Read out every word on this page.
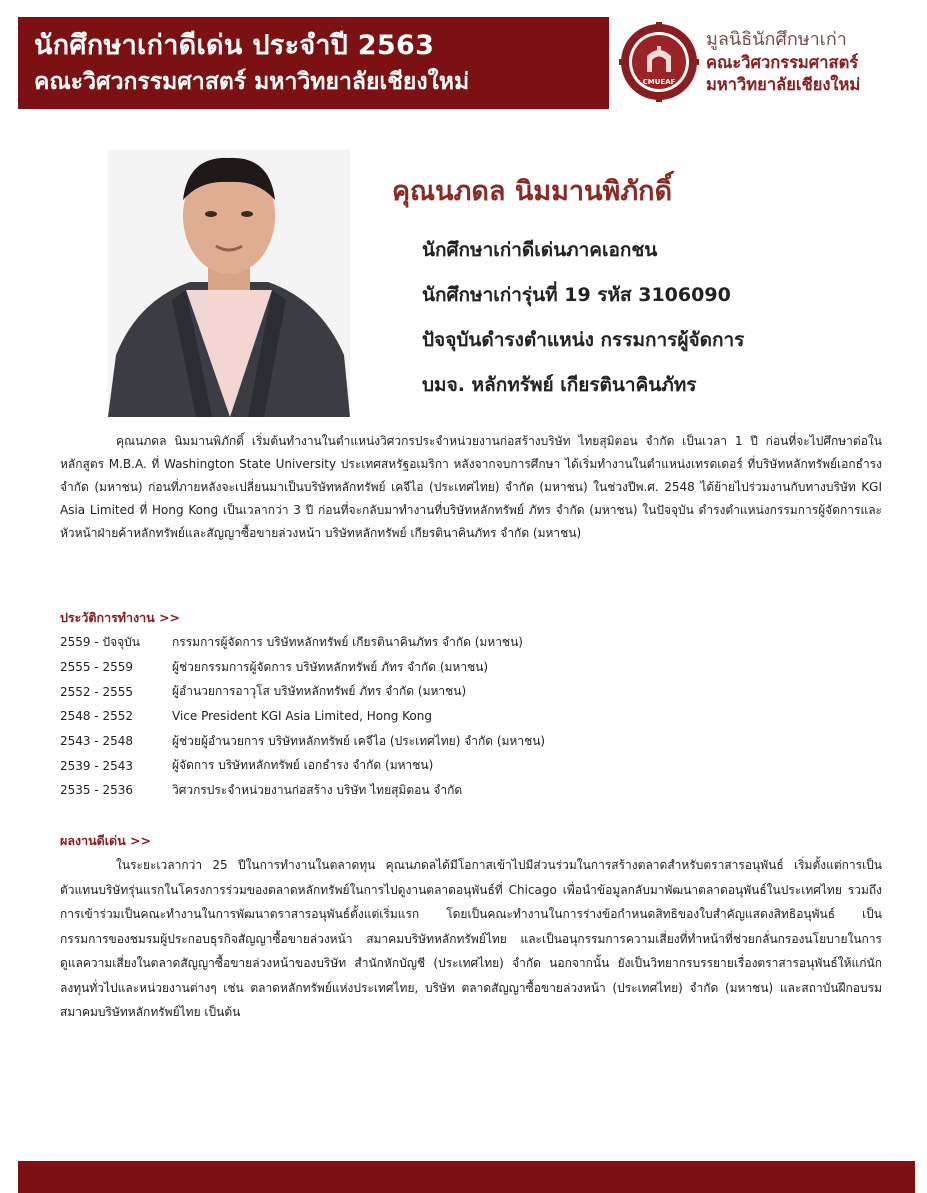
นักศึกษาเก่าดีเด่น ประจำปี 2563
คณะวิศวกรรมศาสตร์ มหาวิทยาลัยเชียงใหม่	CMUEAF
มูลนิธินักศึกษาเก่า
คณะวิศวกรรมศาสตร์
มหาวิทยาลัยเชียงใหม่
คุณนภดล นิมมานพิภักดิ์
นักศึกษาเก่าดีเด่นภาคเอกชน
นักศึกษาเก่ารุ่นที่ 19 รหัส 3106090
ปัจจุบันดำรงตำแหน่ง กรรมการผู้จัดการ
บมจ. หลักทรัพย์ เกียรตินาคินภัทร

คุณนภดล นิมมานพิภักดิ์ เริ่มต้นทำงานในตำแหน่งวิศวกรประจำหน่วยงานก่อสร้างบริษัท ไทยสุมิตอน จำกัด เป็นเวลา 1 ปี ก่อนที่จะไปศึกษาต่อในหลักสูตร M.B.A. ที่ Washington State University ประเทศสหรัฐอเมริกา หลังจากจบการศึกษา ได้เริ่มทำงานในตำแหน่งเทรดเดอร์ ที่บริษัทหลักทรัพย์เอกธำรง จำกัด (มหาชน) ก่อนที่ภายหลังจะเปลี่ยนมาเป็นบริษัทหลักทรัพย์ เคจีไอ (ประเทศไทย) จำกัด (มหาชน) ในช่วงปีพ.ศ. 2548 ได้ย้ายไปร่วมงานกับทางบริษัท KGI Asia Limited ที่ Hong Kong เป็นเวลากว่า 3 ปี ก่อนที่จะกลับมาทำงานที่บริษัทหลักทรัพย์ ภัทร จำกัด (มหาชน) ในปัจจุบัน ดำรงตำแหน่งกรรมการผู้จัดการและหัวหน้าฝ่ายค้าหลักทรัพย์และสัญญาซื้อขายล่วงหน้า บริษัทหลักทรัพย์ เกียรตินาคินภัทร จำกัด (มหาชน)

ประวัติการทำงาน >>
2559 - ปัจจุบัน	กรรมการผู้จัดการ บริษัทหลักทรัพย์ เกียรตินาคินภัทร จำกัด (มหาชน)
2555 - 2559	ผู้ช่วยกรรมการผู้จัดการ บริษัทหลักทรัพย์ ภัทร จำกัด (มหาชน)
2552 - 2555	ผู้อำนวยการอาวุโส บริษัทหลักทรัพย์ ภัทร จำกัด (มหาชน)
2548 - 2552	Vice President KGI Asia Limited, Hong Kong
2543 - 2548	ผู้ช่วยผู้อำนวยการ บริษัทหลักทรัพย์ เคจีไอ (ประเทศไทย) จำกัด (มหาชน)
2539 - 2543	ผู้จัดการ บริษัทหลักทรัพย์ เอกธำรง จำกัด (มหาชน)
2535 - 2536	วิศวกรประจำหน่วยงานก่อสร้าง บริษัท ไทยสุมิตอน จำกัด
ผลงานดีเด่น >>

ในระยะเวลากว่า 25 ปีในการทำงานในตลาดทุน คุณนภดลได้มีโอกาสเข้าไปมีส่วนร่วมในการสร้างตลาดสำหรับตราสารอนุพันธ์ เริ่มตั้งแต่การเป็นตัวแทนบริษัทรุ่นแรกในโครงการร่วมของตลาดหลักทรัพย์ในการไปดูงานตลาดอนุพันธ์ที่ Chicago เพื่อนำข้อมูลกลับมาพัฒนาตลาดอนุพันธ์ในประเทศไทย รวมถึง การเข้าร่วมเป็นคณะทำงานในการพัฒนาตราสารอนุพันธ์ตั้งแต่เริ่มแรก โดยเป็นคณะทำงานในการร่างข้อกำหนดสิทธิของใบสำคัญแสดงสิทธิอนุพันธ์ เป็นกรรมการของชมรมผู้ประกอบธุรกิจสัญญาซื้อขายล่วงหน้า สมาคมบริษัทหลักทรัพย์ไทย และเป็นอนุกรรมการความเสี่ยงที่ทำหน้าที่ช่วยกลั่นกรองนโยบายในการดูแลความเสี่ยงในตลาดสัญญาซื้อขายล่วงหน้าของบริษัท สำนักหักบัญชี (ประเทศไทย) จำกัด นอกจากนั้น ยังเป็นวิทยากรบรรยายเรื่องตราสารอนุพันธ์ให้แก่นักลงทุนทั่วไปและหน่วยงานต่างๆ เช่น ตลาดหลักทรัพย์แห่งประเทศไทย, บริษัท ตลาดสัญญาซื้อขายล่วงหน้า (ประเทศไทย) จำกัด (มหาชน) และสถาบันฝึกอบรม สมาคมบริษัทหลักทรัพย์ไทย เป็นต้น
